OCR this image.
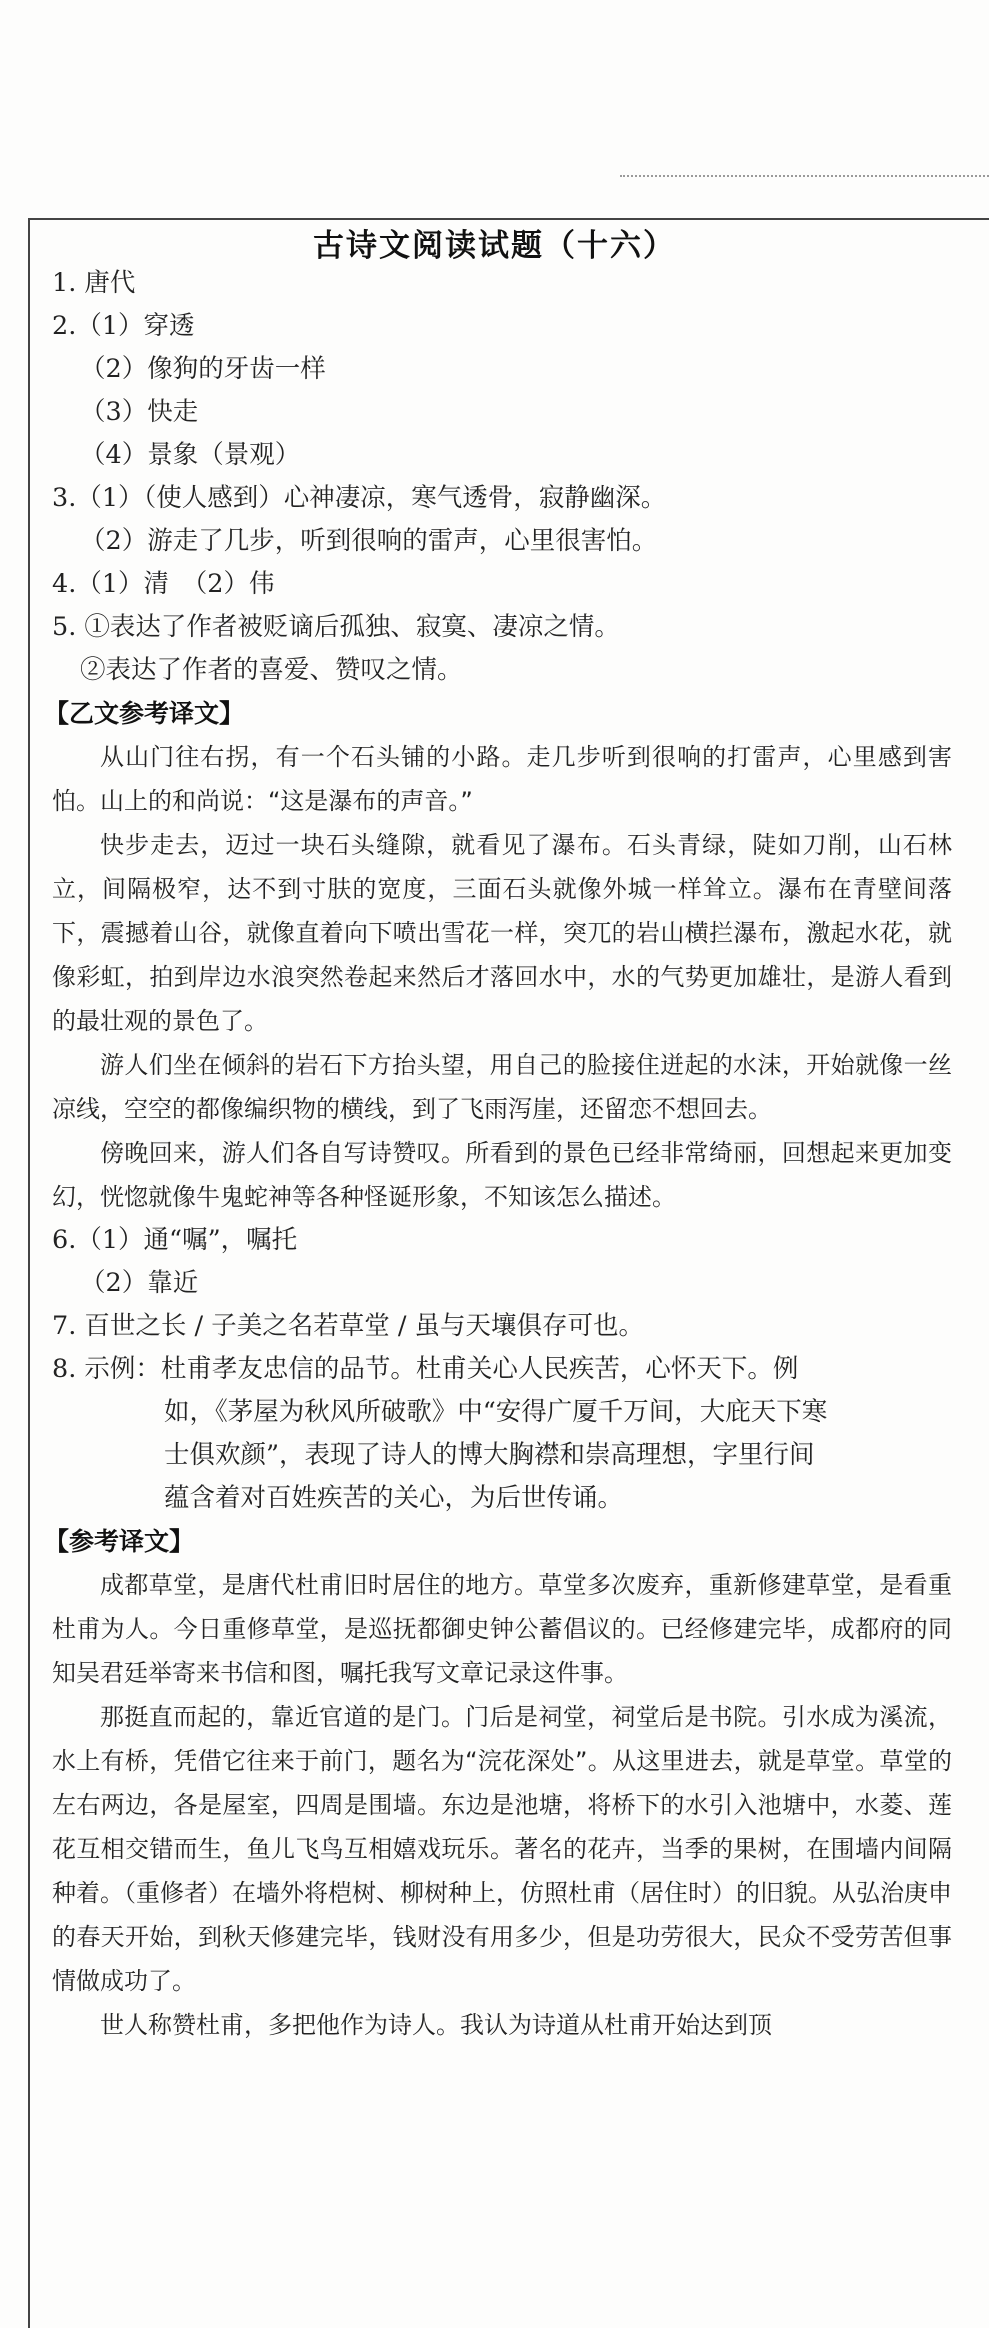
古诗文阅读试题（十六）
1. 唐代
2.（1）穿透
（2）像狗的牙齿一样
（3）快走
（4）景象（景观）
3.（1）（使人感到）心神凄凉，寒气透骨，寂静幽深。
（2）游走了几步，听到很响的雷声，心里很害怕。
4.（1）清　（2）伟
5. ①表达了作者被贬谪后孤独、寂寞、凄凉之情。
②表达了作者的喜爱、赞叹之情。
【乙文参考译文】

从山门往右拐，有一个石头铺的小路。走几步听到很响的打雷声，心里感到害怕。山上的和尚说：“这是瀑布的声音。”

快步走去，迈过一块石头缝隙，就看见了瀑布。石头青绿，陡如刀削，山石林立，间隔极窄，达不到寸肤的宽度，三面石头就像外城一样耸立。瀑布在青壁间落下，震撼着山谷，就像直着向下喷出雪花一样，突兀的岩山横拦瀑布，激起水花，就像彩虹，拍到岸边水浪突然卷起来然后才落回水中，水的气势更加雄壮，是游人看到的最壮观的景色了。

游人们坐在倾斜的岩石下方抬头望，用自己的脸接住迸起的水沫，开始就像一丝凉线，空空的都像编织物的横线，到了飞雨泻崖，还留恋不想回去。

傍晚回来，游人们各自写诗赞叹。所看到的景色已经非常绮丽，回想起来更加变幻，恍惚就像牛鬼蛇神等各种怪诞形象，不知该怎么描述。

6.（1）通“嘱”，嘱托
（2）靠近
7. 百世之长 / 子美之名若草堂 / 虽与天壤俱存可也。
8. 示例：杜甫孝友忠信的品节。杜甫关心人民疾苦，心怀天下。例
如，《茅屋为秋风所破歌》中“安得广厦千万间，大庇天下寒
士俱欢颜”，表现了诗人的博大胸襟和崇高理想，字里行间
蕴含着对百姓疾苦的关心，为后世传诵。
【参考译文】

成都草堂，是唐代杜甫旧时居住的地方。草堂多次废弃，重新修建草堂，是看重杜甫为人。今日重修草堂，是巡抚都御史钟公蓄倡议的。已经修建完毕，成都府的同知吴君廷举寄来书信和图，嘱托我写文章记录这件事。

那挺直而起的，靠近官道的是门。门后是祠堂，祠堂后是书院。引水成为溪流，水上有桥，凭借它往来于前门，题名为“浣花深处”。从这里进去，就是草堂。草堂的左右两边，各是屋室，四周是围墙。东边是池塘，将桥下的水引入池塘中，水菱、莲花互相交错而生，鱼儿飞鸟互相嬉戏玩乐。著名的花卉，当季的果树，在围墙内间隔种着。（重修者）在墙外将桤树、柳树种上，仿照杜甫（居住时）的旧貌。从弘治庚申的春天开始，到秋天修建完毕，钱财没有用多少，但是功劳很大，民众不受劳苦但事情做成功了。

世人称赞杜甫，多把他作为诗人。我认为诗道从杜甫开始达到顶
